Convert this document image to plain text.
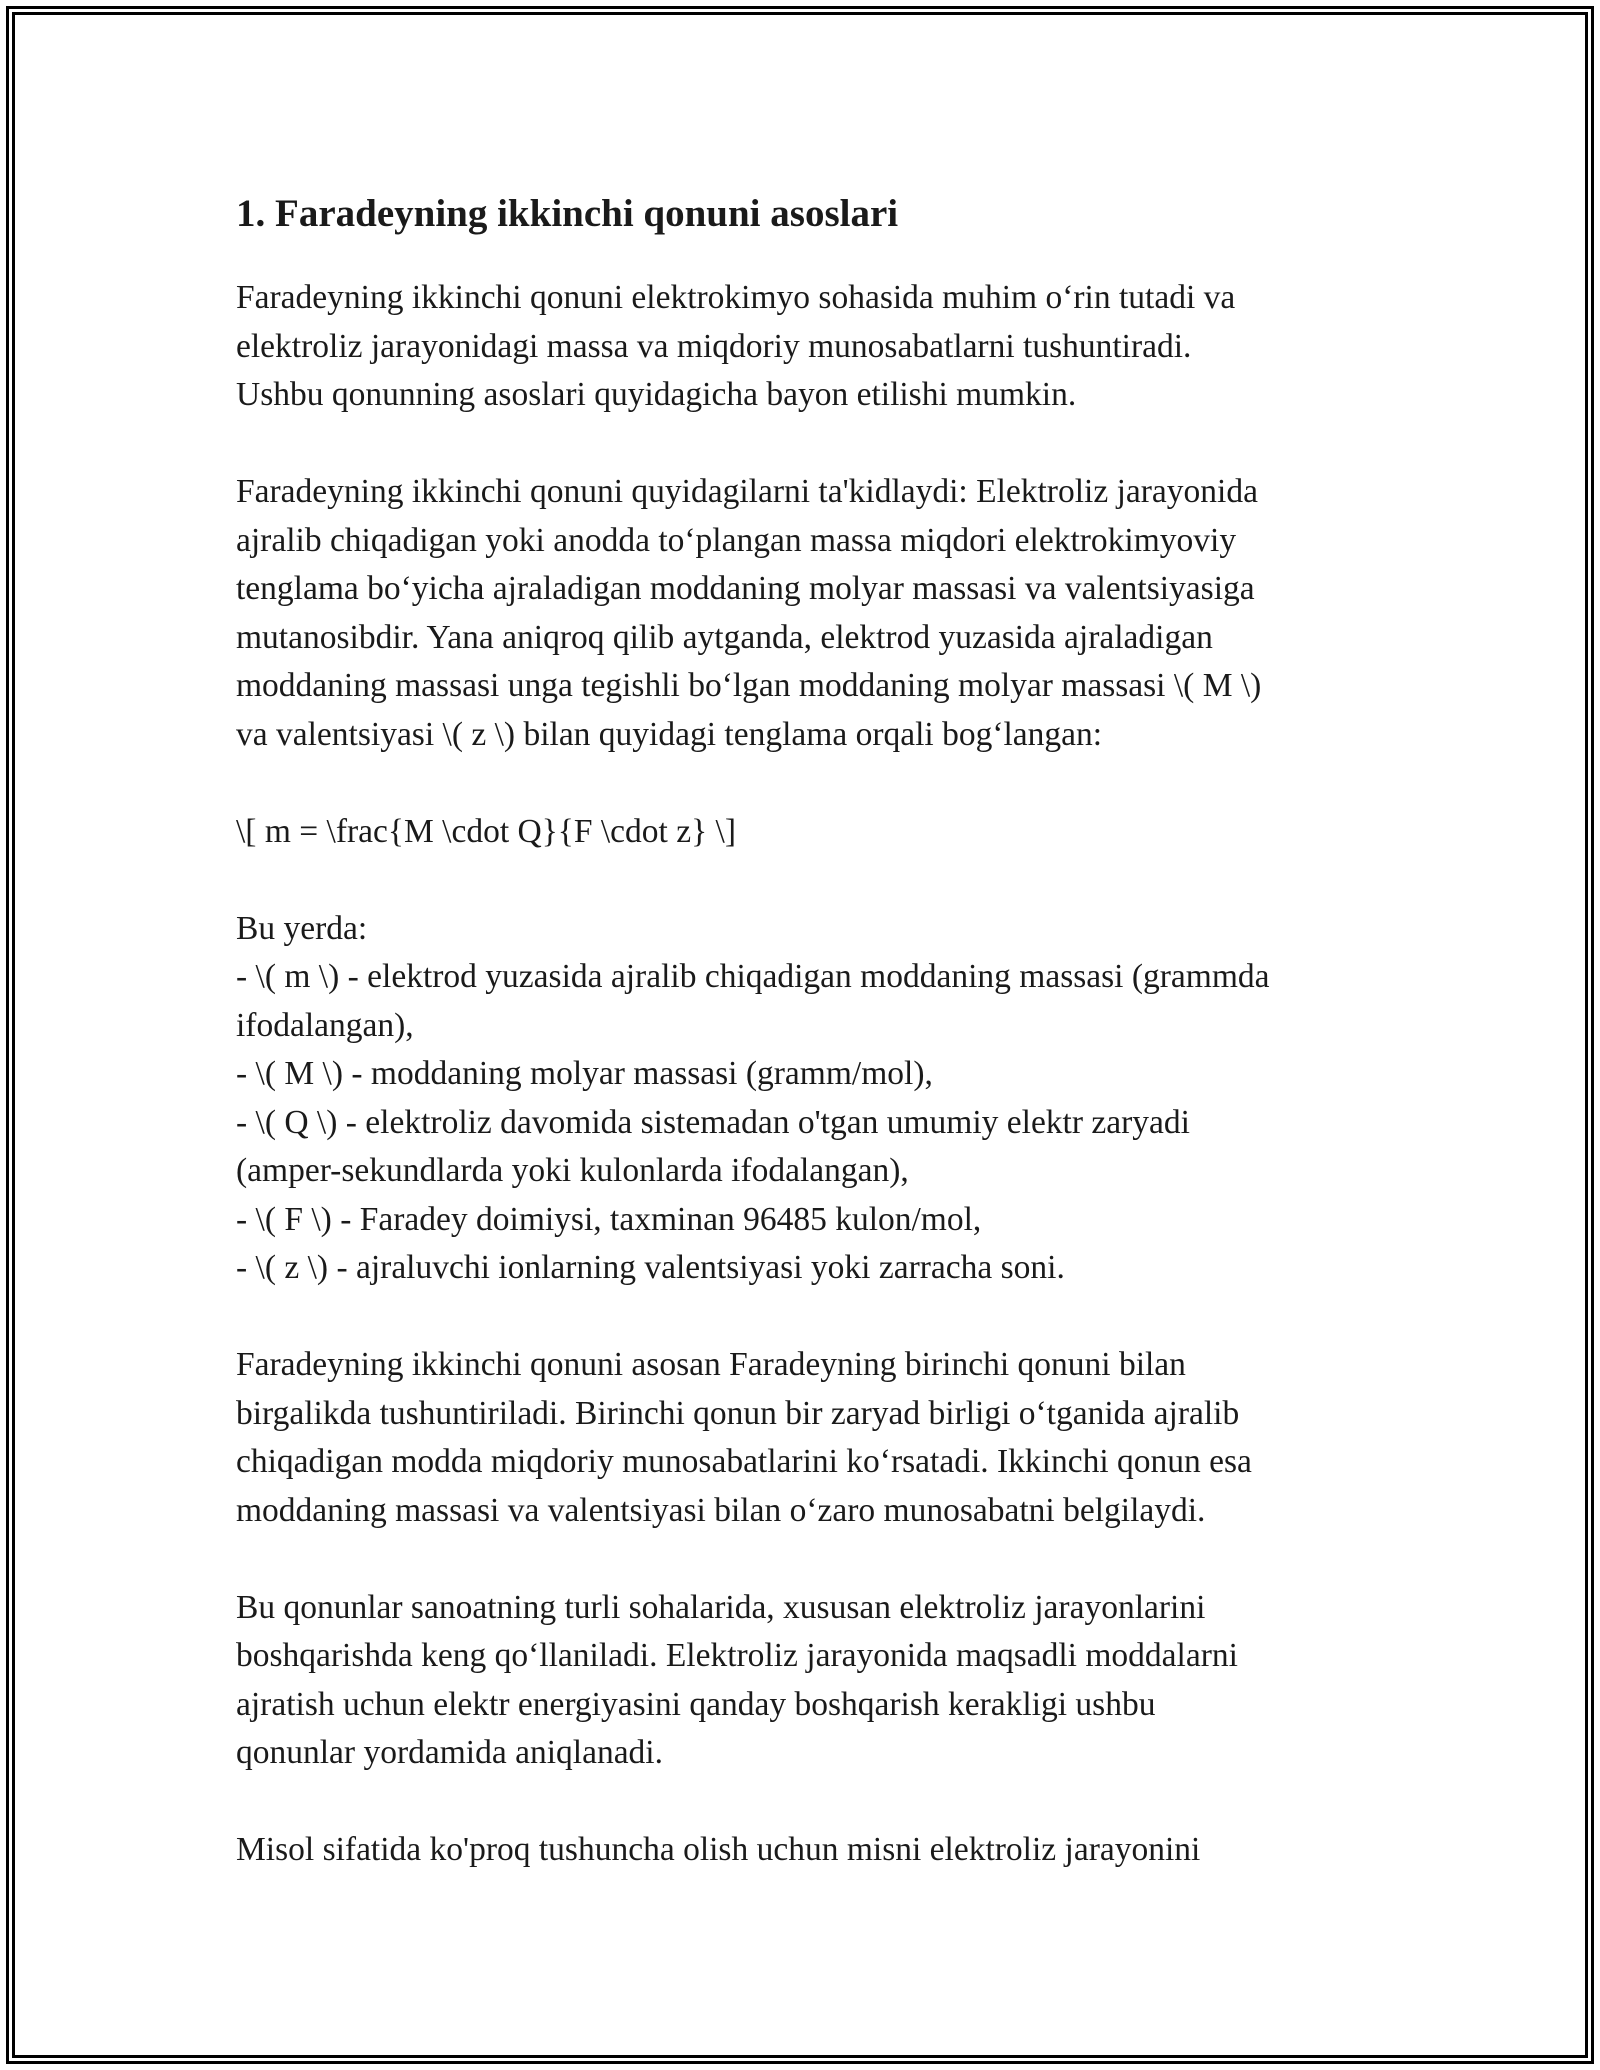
1. Faradeyning ikkinchi qonuni asoslari

Faradeyning ikkinchi qonuni elektrokimyo sohasida muhim o‘rin tutadi va
elektroliz jarayonidagi massa va miqdoriy munosabatlarni tushuntiradi.
Ushbu qonunning asoslari quyidagicha bayon etilishi mumkin.

Faradeyning ikkinchi qonuni quyidagilarni ta'kidlaydi: Elektroliz jarayonida
ajralib chiqadigan yoki anodda to‘plangan massa miqdori elektrokimyoviy
tenglama bo‘yicha ajraladigan moddaning molyar massasi va valentsiyasiga
mutanosibdir. Yana aniqroq qilib aytganda, elektrod yuzasida ajraladigan
moddaning massasi unga tegishli bo‘lgan moddaning molyar massasi \( M \)
va valentsiyasi \( z \) bilan quyidagi tenglama orqali bog‘langan:

\[ m = \frac{M \cdot Q}{F \cdot z} \]

Bu yerda:

- \( m \) - elektrod yuzasida ajralib chiqadigan moddaning massasi (grammda
ifodalangan),

- \( M \) - moddaning molyar massasi (gramm/mol),

- \( Q \) - elektroliz davomida sistemadan o'tgan umumiy elektr zaryadi
(amper-sekundlarda yoki kulonlarda ifodalangan),

- \( F \) - Faradey doimiysi, taxminan 96485 kulon/mol,

- \( z \) - ajraluvchi ionlarning valentsiyasi yoki zarracha soni.

Faradeyning ikkinchi qonuni asosan Faradeyning birinchi qonuni bilan
birgalikda tushuntiriladi. Birinchi qonun bir zaryad birligi o‘tganida ajralib
chiqadigan modda miqdoriy munosabatlarini ko‘rsatadi. Ikkinchi qonun esa
moddaning massasi va valentsiyasi bilan o‘zaro munosabatni belgilaydi.

Bu qonunlar sanoatning turli sohalarida, xususan elektroliz jarayonlarini
boshqarishda keng qo‘llaniladi. Elektroliz jarayonida maqsadli moddalarni
ajratish uchun elektr energiyasini qanday boshqarish kerakligi ushbu
qonunlar yordamida aniqlanadi.

Misol sifatida ko'proq tushuncha olish uchun misni elektroliz jarayonini
